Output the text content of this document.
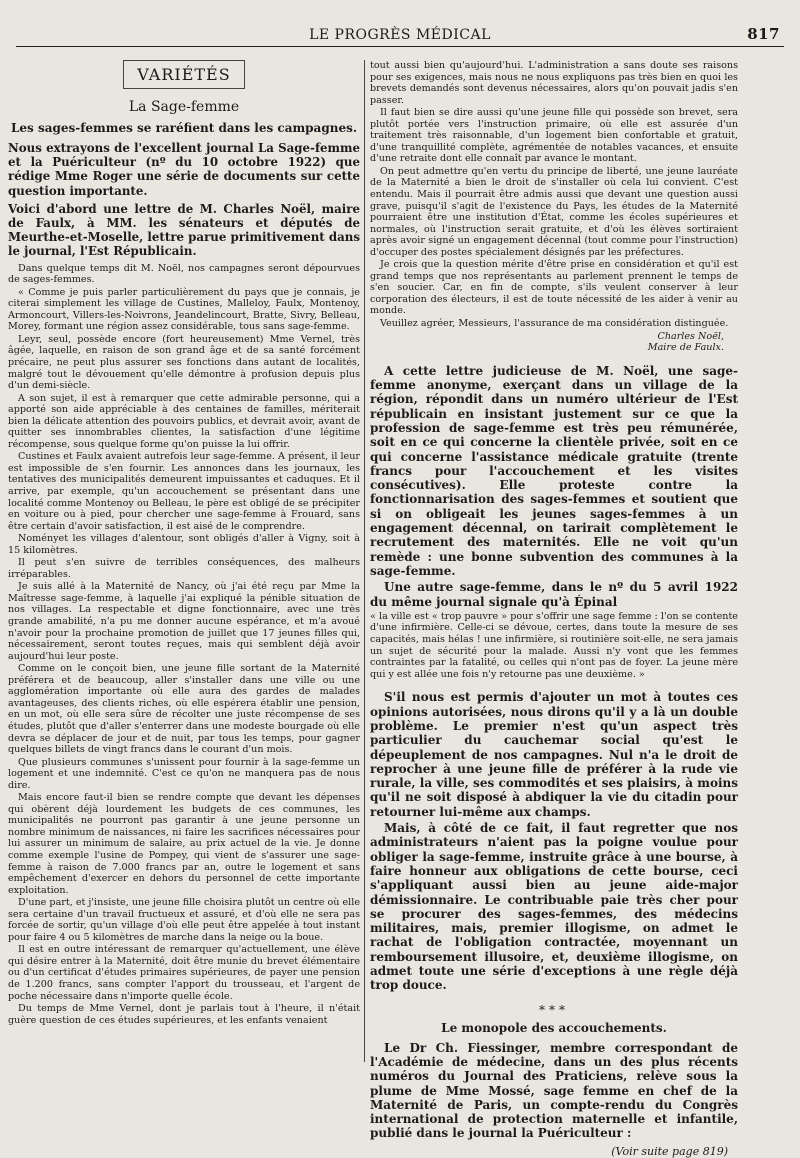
LE PROGRÈS MÉDICAL	817
VARIÉTÉS
La Sage-femme
Les sages-femmes se raréfient dans les campagnes.

Nous extrayons de l'excellent journal La Sage-femme et la Puériculteur (nº du 10 octobre 1922) que rédige Mme Roger une série de documents sur cette question importante.

Voici d'abord une lettre de M. Charles Noël, maire de Faulx, à MM. les sénateurs et députés de Meurthe-et-Moselle, lettre parue primitivement dans le journal, l'Est Républicain.

Dans quelque temps dit M. Noël, nos campagnes seront dépourvues de sages-femmes.

« Comme je puis parler particulièrement du pays que je connais, je citerai simplement les village de Custines, Malleloy, Faulx, Montenoy, Armoncourt, Villers-les-Noivrons, Jeandelincourt, Bratte, Sivry, Belleau, Morey, formant une région assez considérable, tous sans sage-femme.

Leyr, seul, possède encore (fort heureusement) Mme Vernel, très âgée, laquelle, en raison de son grand âge et de sa santé forcément précaire, ne peut plus assurer ses fonctions dans autant de localités, malgré tout le dévouement qu'elle démontre à profusion depuis plus d'un demi-siècle.

A son sujet, il est à remarquer que cette admirable personne, qui a apporté son aide appréciable à des centaines de familles, mériterait bien la délicate attention des pouvoirs publics, et devrait avoir, avant de quitter ses innombrables clientes, la satisfaction d'une légitime récompense, sous quelque forme qu'on puisse la lui offrir.

Custines et Faulx avaient autrefois leur sage-femme. A présent, il leur est impossible de s'en fournir. Les annonces dans les journaux, les tentatives des municipalités demeurent impuissantes et caduques. Et il arrive, par exemple, qu'un accouchement se présentant dans une localité comme Montenoy ou Belleau, le père est obligé de se précipiter en voiture ou à pied, pour chercher une sage-femme à Frouard, sans être certain d'avoir satisfaction, il est aisé de le comprendre.

Noményet les villages d'alentour, sont obligés d'aller à Vigny, soit à 15 kilomètres.

Il peut s'en suivre de terribles conséquences, des malheurs irréparables.

Je suis allé à la Maternité de Nancy, où j'ai été reçu par Mme la Maîtresse sage-femme, à laquelle j'ai expliqué la pénible situation de nos villages. La respectable et digne fonctionnaire, avec une très grande amabilité, n'a pu me donner aucune espérance, et m'a avoué n'avoir pour la prochaine promotion de juillet que 17 jeunes filles qui, nécessairement, seront toutes reçues, mais qui semblent déjà avoir aujourd'hui leur poste.

Comme on le conçoit bien, une jeune fille sortant de la Maternité préférera et de beaucoup, aller s'installer dans une ville ou une agglomération importante où elle aura des gardes de malades avantageuses, des clients riches, où elle espérera établir une pension, en un mot, où elle sera sûre de récolter une juste récompense de ses études, plutôt que d'aller s'enterrer dans une modeste bourgade où elle devra se déplacer de jour et de nuit, par tous les temps, pour gagner quelques billets de vingt francs dans le courant d'un mois.

Que plusieurs communes s'unissent pour fournir à la sage-femme un logement et une indemnité. C'est ce qu'on ne manquera pas de nous dire.

Mais encore faut-il bien se rendre compte que devant les dépenses qui obèrent déjà lourdement les budgets de ces communes, les municipalités ne pourront pas garantir à une jeune personne un nombre minimum de naissances, ni faire les sacrifices nécessaires pour lui assurer un minimum de salaire, au prix actuel de la vie. Je donne comme exemple l'usine de Pompey, qui vient de s'assurer une sage-femme à raison de 7.000 francs par an, outre le logement et sans empêchement d'exercer en dehors du personnel de cette importante exploitation.

D'une part, et j'insiste, une jeune fille choisira plutôt un centre où elle sera certaine d'un travail fructueux et assuré, et d'où elle ne sera pas forcée de sortir, qu'un village d'où elle peut être appelée à tout instant pour faire 4 ou 5 kilomètres de marche dans la neige ou la boue.

Il est en outre intéressant de remarquer qu'actuellement, une élève qui désire entrer à la Maternité, doit être munie du brevet élémentaire ou d'un certificat d'études primaires supérieures, de payer une pension de 1.200 francs, sans compter l'apport du trousseau, et l'argent de poche nécessaire dans n'importe quelle école.

Du temps de Mme Vernel, dont je parlais tout à l'heure, il n'était guère question de ces études supérieures, et les enfants venaient

tout aussi bien qu'aujourd'hui. L'administration a sans doute ses raisons pour ses exigences, mais nous ne nous expliquons pas très bien en quoi les brevets demandés sont devenus nécessaires, alors qu'on pouvait jadis s'en passer.

Il faut bien se dire aussi qu'une jeune fille qui possède son brevet, sera plutôt portée vers l'instruction primaire, où elle est assurée d'un traitement très raisonnable, d'un logement bien confortable et gratuit, d'une tranquillité complète, agrémentée de notables vacances, et ensuite d'une retraite dont elle connaît par avance le montant.

On peut admettre qu'en vertu du principe de liberté, une jeune lauréate de la Maternité a bien le droit de s'installer où cela lui convient. C'est entendu. Mais il pourrait être admis aussi que devant une question aussi grave, puisqu'il s'agit de l'existence du Pays, les études de la Maternité pourraient être une institution d'État, comme les écoles supérieures et normales, où l'instruction serait gratuite, et d'où les élèves sortiraient après avoir signé un engagement décennal (tout comme pour l'instruction) d'occuper des postes spécialement désignés par les préfectures.

Je crois que la question mérite d'être prise en considération et qu'il est grand temps que nos représentants au parlement prennent le temps de s'en soucier. Car, en fin de compte, s'ils veulent conserver à leur corporation des électeurs, il est de toute nécessité de les aider à venir au monde.

Veuillez agréer, Messieurs, l'assurance de ma considération distinguée.

Charles Noël,
Maire de Faulx.

A cette lettre judicieuse de M. Noël, une sage-femme anonyme, exerçant dans un village de la région, répondit dans un numéro ultérieur de l'Est républicain en insistant justement sur ce que la profession de sage-femme est très peu rémunérée, soit en ce qui concerne la clientèle privée, soit en ce qui concerne l'assistance médicale gratuite (trente francs pour l'accouchement et les visites consécutives). Elle proteste contre la fonctionnarisation des sages-femmes et soutient que si on obligeait les jeunes sages-femmes à un engagement décennal, on tarirait complètement le recrutement des maternités. Elle ne voit qu'un remède : une bonne subvention des communes à la sage-femme.

Une autre sage-femme, dans le nº du 5 avril 1922 du même journal signale qu'à Épinal

« la ville est « trop pauvre » pour s'offrir une sage femme : l'on se contente d'une infirmière. Celle-ci se dévoue, certes, dans toute la mesure de ses capacités, mais hélas ! une infirmière, si routinière soit-elle, ne sera jamais un sujet de sécurité pour la malade. Aussi n'y vont que les femmes contraintes par la fatalité, ou celles qui n'ont pas de foyer. La jeune mère qui y est allée une fois n'y retourne pas une deuxième. »

S'il nous est permis d'ajouter un mot à toutes ces opinions autorisées, nous dirons qu'il y a là un double problème. Le premier n'est qu'un aspect très particulier du cauchemar social qu'est le dépeuplement de nos campagnes. Nul n'a le droit de reprocher à une jeune fille de préférer à la rude vie rurale, la ville, ses commodités et ses plaisirs, à moins qu'il ne soit disposé à abdiquer la vie du citadin pour retourner lui-même aux champs.

Mais, à côté de ce fait, il faut regretter que nos administrateurs n'aient pas la poigne voulue pour obliger la sage-femme, instruite grâce à une bourse, à faire honneur aux obligations de cette bourse, ceci s'appliquant aussi bien au jeune aide-major démissionnaire. Le contribuable paie très cher pour se procurer des sages-femmes, des médecins militaires, mais, premier illogisme, on admet le rachat de l'obligation contractée, moyennant un remboursement illusoire, et, deuxième illogisme, on admet toute une série d'exceptions à une règle déjà trop douce.

***
Le monopole des accouchements.

Le Dr Ch. Fiessinger, membre correspondant de l'Académie de médecine, dans un des plus récents numéros du Journal des Praticiens, relève sous la plume de Mme Mossé, sage femme en chef de la Maternité de Paris, un compte-rendu du Congrès international de protection maternelle et infantile, publié dans le journal la Puériculteur :

(Voir suite page 819)
